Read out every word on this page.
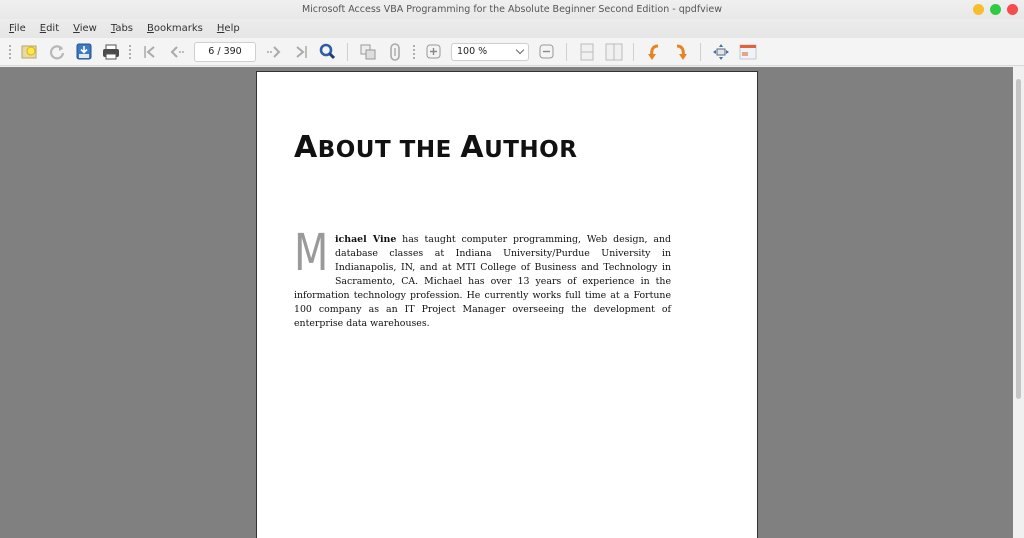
Microsoft Access VBA Programming for the Absolute Beginner Second Edition - qpdfview
File Edit View Tabs Bookmarks Help
6 / 390	100 %
ABOUT THE AUTHOR
Michael Vine has taught computer programming, Web design, and database classes at Indiana University/Purdue University in Indianapolis, IN, and at MTI College of Business and Technology in Sacramento, CA. Michael has over 13 years of experience in the information technology profession. He currently works full time at a Fortune 100 company as an IT Project Manager overseeing the development of enterprise data warehouses.
